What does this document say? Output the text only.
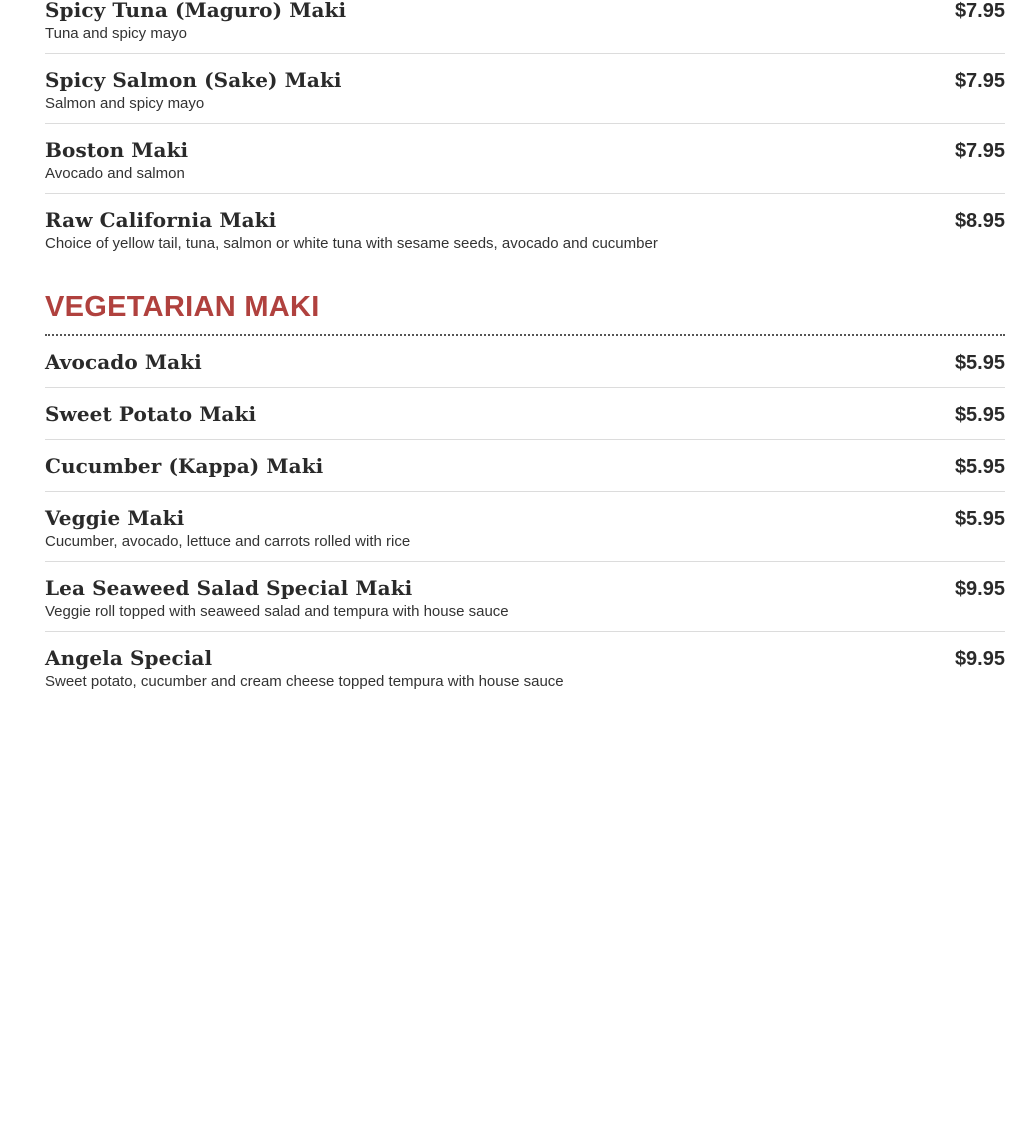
Spicy Tuna (Maguro) Maki	$7.95
Tuna and spicy mayo
Spicy Salmon (Sake) Maki	$7.95
Salmon and spicy mayo
Boston Maki	$7.95
Avocado and salmon
Raw California Maki	$8.95
Choice of yellow tail, tuna, salmon or white tuna with sesame seeds, avocado and cucumber
VEGETARIAN MAKI
Avocado Maki	$5.95
Sweet Potato Maki	$5.95
Cucumber (Kappa) Maki	$5.95
Veggie Maki	$5.95
Cucumber, avocado, lettuce and carrots rolled with rice
Lea Seaweed Salad Special Maki	$9.95
Veggie roll topped with seaweed salad and tempura with house sauce
Angela Special	$9.95
Sweet potato, cucumber and cream cheese topped tempura with house sauce
